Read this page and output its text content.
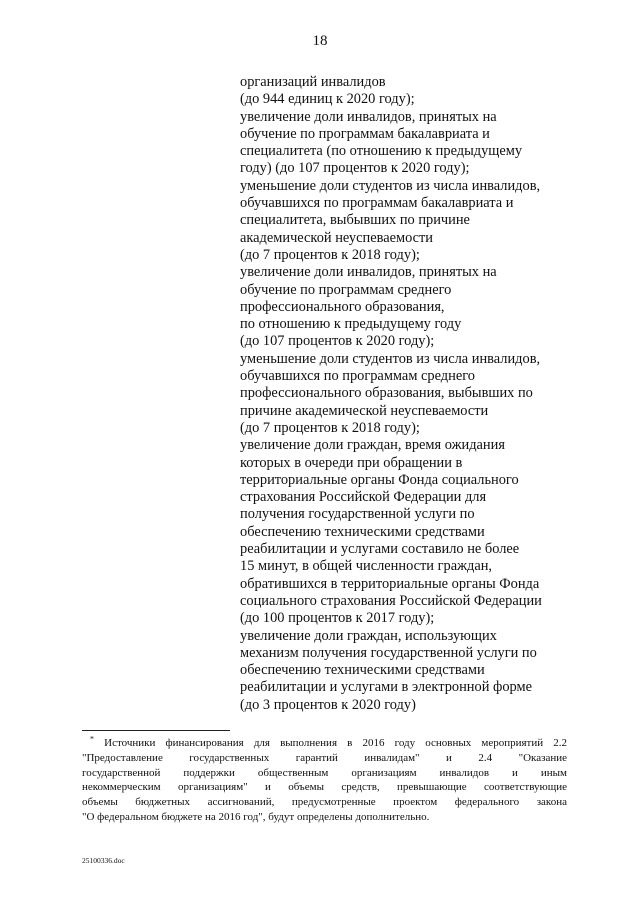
18
организаций инвалидов
(до 944 единиц к 2020 году);
увеличение доли инвалидов, принятых на
обучение по программам бакалавриата и
специалитета (по отношению к предыдущему
году) (до 107 процентов к 2020 году);
уменьшение доли студентов из числа инвалидов,
обучавшихся по программам бакалавриата и
специалитета, выбывших по причине
академической неуспеваемости
(до 7 процентов к 2018 году);
увеличение доли инвалидов, принятых на
обучение по программам среднего
профессионального образования,
по отношению к предыдущему году
(до 107 процентов к 2020 году);
уменьшение доли студентов из числа инвалидов,
обучавшихся по программам среднего
профессионального образования, выбывших по
причине академической неуспеваемости
(до 7 процентов к 2018 году);
увеличение доли граждан, время ожидания
которых в очереди при обращении в
территориальные органы Фонда социального
страхования Российской Федерации для
получения государственной услуги по
обеспечению техническими средствами
реабилитации и услугами составило не более
15 минут, в общей численности граждан,
обратившихся в территориальные органы Фонда
социального страхования Российской Федерации
(до 100 процентов к 2017 году);
увеличение доли граждан, использующих
механизм получения государственной услуги по
обеспечению техническими средствами
реабилитации и услугами в электронной форме
(до 3 процентов к 2020 году)
* Источники финансирования для выполнения в 2016 году основных мероприятий 2.2
"Предоставление государственных гарантий инвалидам" и 2.4 "Оказание
государственной поддержки общественным организациям инвалидов и иным
некоммерческим организациям" и объемы средств, превышающие соответствующие
объемы бюджетных ассигнований, предусмотренные проектом федерального закона
"О федеральном бюджете на 2016 год", будут определены дополнительно.
25100336.doc
